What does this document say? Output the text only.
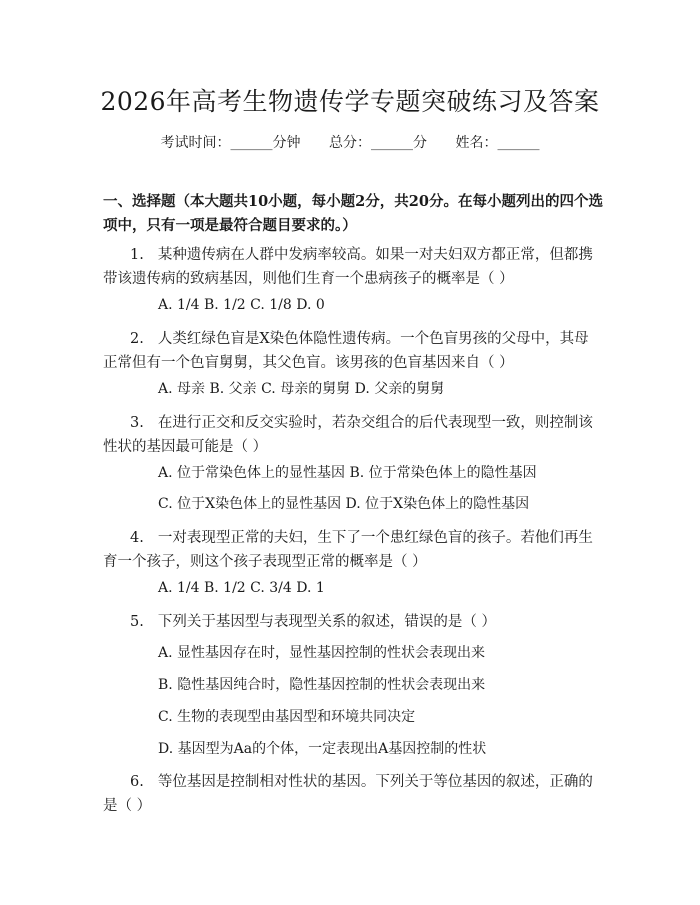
2026年高考生物遗传学专题突破练习及答案
考试时间：______分钟 总分：______分 姓名：______
一、选择题（本大题共10小题，每小题2分，共20分。在每小题列出的四个选项中，只有一项是最符合题目要求的。）
1. 某种遗传病在人群中发病率较高。如果一对夫妇双方都正常，但都携带该遗传病的致病基因，则他们生育一个患病孩子的概率是（ ）
A. 1/4 B. 1/2 C. 1/8 D. 0
2. 人类红绿色盲是X染色体隐性遗传病。一个色盲男孩的父母中，其母正常但有一个色盲舅舅，其父色盲。该男孩的色盲基因来自（ ）
A. 母亲 B. 父亲 C. 母亲的舅舅 D. 父亲的舅舅
3. 在进行正交和反交实验时，若杂交组合的后代表现型一致，则控制该性状的基因最可能是（ ）
A. 位于常染色体上的显性基因 B. 位于常染色体上的隐性基因
C. 位于X染色体上的显性基因 D. 位于X染色体上的隐性基因
4. 一对表现型正常的夫妇，生下了一个患红绿色盲的孩子。若他们再生育一个孩子，则这个孩子表现型正常的概率是（ ）
A. 1/4 B. 1/2 C. 3/4 D. 1
5. 下列关于基因型与表现型关系的叙述，错误的是（ ）
A. 显性基因存在时，显性基因控制的性状会表现出来
B. 隐性基因纯合时，隐性基因控制的性状会表现出来
C. 生物的表现型由基因型和环境共同决定
D. 基因型为Aa的个体，一定表现出A基因控制的性状
6. 等位基因是控制相对性状的基因。下列关于等位基因的叙述，正确的是（ ）
